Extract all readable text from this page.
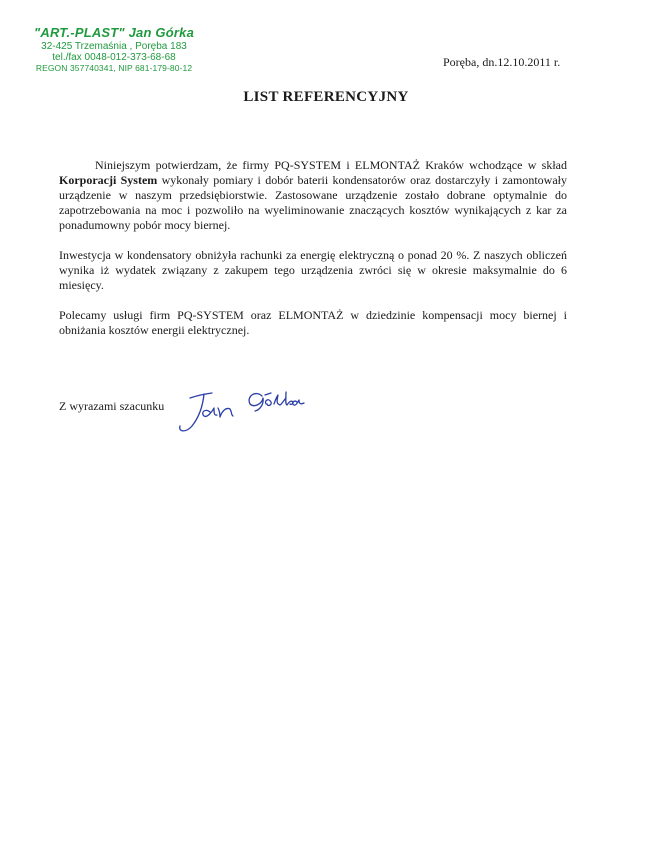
"ART.-PLAST" Jan Górka
32-425 Trzemaśnia , Poręba 183
tel./fax 0048-012-373-68-68
REGON 357740341, NIP 681-179-80-12	Poręba, dn.12.10.2011 r.
LIST REFERENCYJNY

Niniejszym potwierdzam, że firmy PQ-SYSTEM i ELMONTAŻ Kraków wchodzące w skład Korporacji System wykonały pomiary i dobór baterii kondensatorów oraz dostarczyły i zamontowały urządzenie w naszym przedsiębiorstwie. Zastosowane urządzenie zostało dobrane optymalnie do zapotrzebowania na moc i pozwoliło na wyeliminowanie znaczących kosztów wynikających z kar za ponadumowny pobór mocy biernej.

Inwestycja w kondensatory obniżyła rachunki za energię elektryczną o ponad 20 %. Z naszych obliczeń wynika iż wydatek związany z zakupem tego urządzenia zwróci się w okresie maksymalnie do 6 miesięcy.

Polecamy usługi firm PQ-SYSTEM oraz ELMONTAŻ w dziedzinie kompensacji mocy biernej i obniżania kosztów energii elektrycznej.

Z wyrazami szacunku
